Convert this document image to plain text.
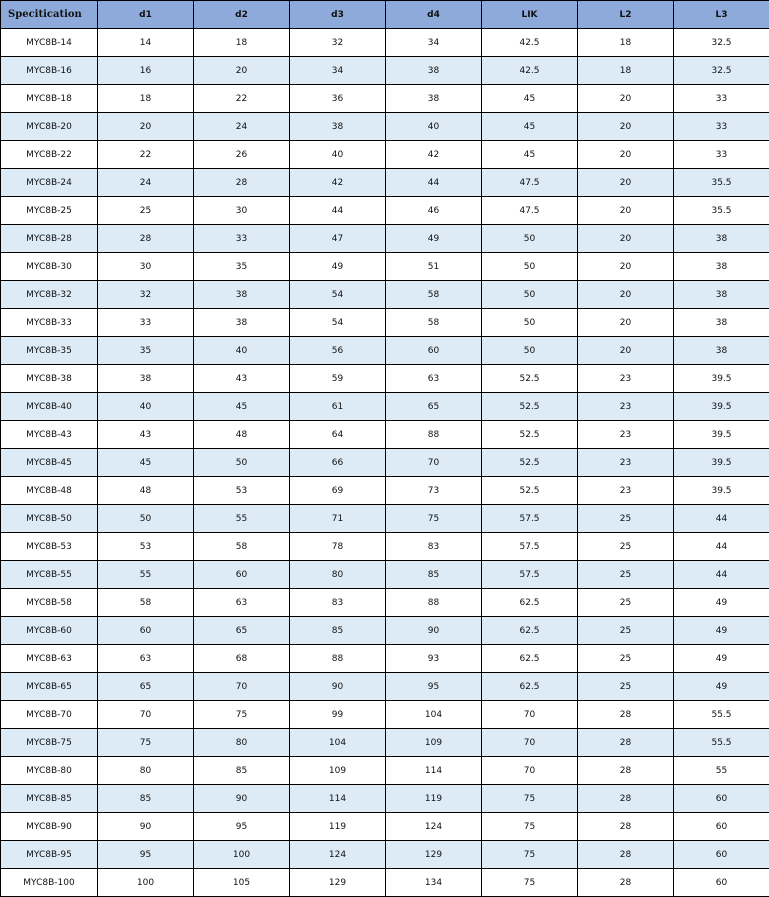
Specitication	d1	d2	d3	d4	LIK	L2	L3
MYC8B-14	14	18	32	34	42.5	18	32.5
MYC8B-16	16	20	34	38	42.5	18	32.5
MYC8B-18	18	22	36	38	45	20	33
MYC8B-20	20	24	38	40	45	20	33
MYC8B-22	22	26	40	42	45	20	33
MYC8B-24	24	28	42	44	47.5	20	35.5
MYC8B-25	25	30	44	46	47.5	20	35.5
MYC8B-28	28	33	47	49	50	20	38
MYC8B-30	30	35	49	51	50	20	38
MYC8B-32	32	38	54	58	50	20	38
MYC8B-33	33	38	54	58	50	20	38
MYC8B-35	35	40	56	60	50	20	38
MYC8B-38	38	43	59	63	52.5	23	39.5
MYC8B-40	40	45	61	65	52.5	23	39.5
MYC8B-43	43	48	64	88	52.5	23	39.5
MYC8B-45	45	50	66	70	52.5	23	39.5
MYC8B-48	48	53	69	73	52.5	23	39.5
MYC8B-50	50	55	71	75	57.5	25	44
MYC8B-53	53	58	78	83	57.5	25	44
MYC8B-55	55	60	80	85	57.5	25	44
MYC8B-58	58	63	83	88	62.5	25	49
MYC8B-60	60	65	85	90	62.5	25	49
MYC8B-63	63	68	88	93	62.5	25	49
MYC8B-65	65	70	90	95	62.5	25	49
MYC8B-70	70	75	99	104	70	28	55.5
MYC8B-75	75	80	104	109	70	28	55.5
MYC8B-80	80	85	109	114	70	28	55
MYC8B-85	85	90	114	119	75	28	60
MYC8B-90	90	95	119	124	75	28	60
MYC8B-95	95	100	124	129	75	28	60
MYC8B-100	100	105	129	134	75	28	60
